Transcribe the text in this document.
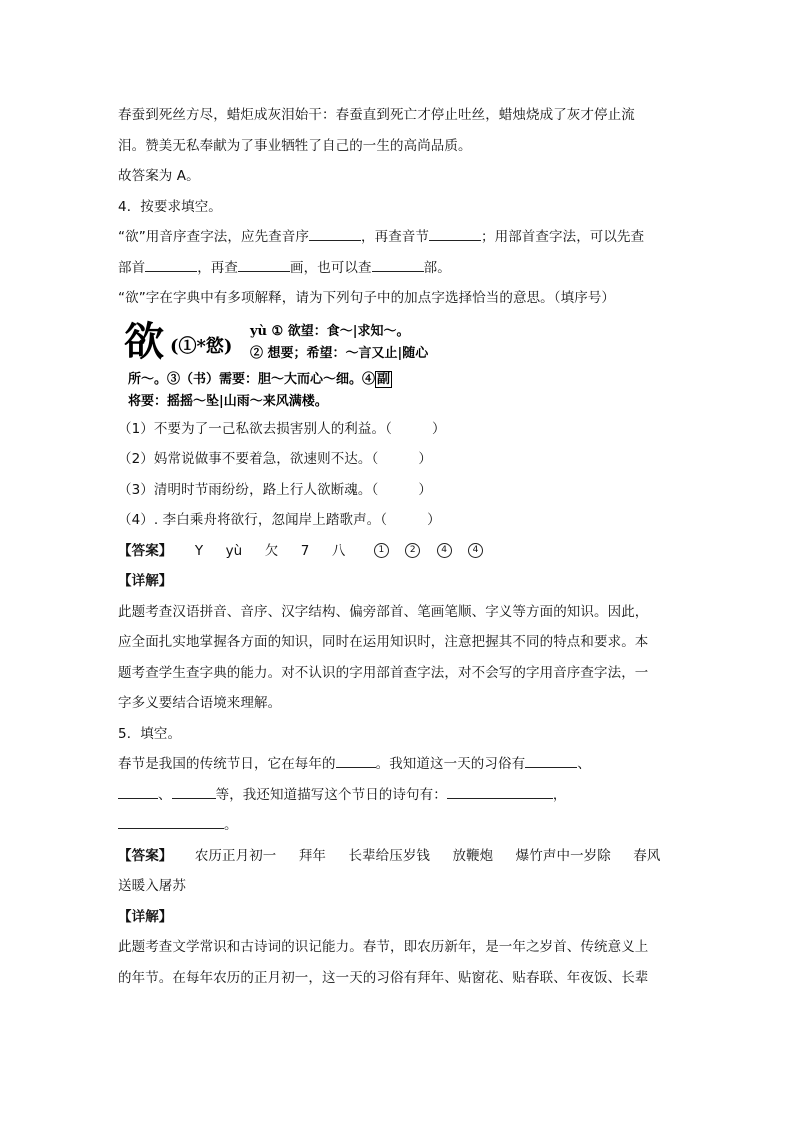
春蚕到死丝方尽，蜡炬成灰泪始干：春蚕直到死亡才停止吐丝，蜡烛烧成了灰才停止流
泪。赞美无私奉献为了事业牺牲了自己的一生的高尚品质。
故答案为 A。
4．按要求填空。
“欲”用音序查字法，应先查音序	，再查音节	；用部首查字法，可以先查
部首	，再查	画，也可以查	部。
“欲”字在字典中有多项解释，请为下列句子中的加点字选择恰当的意思。（填序号）
欲 (①*慾)
yù ① 欲望：食～|求知～。
② 想要；希望：～言又止|随心
所～。③（书）需要：胆～大而心～细。④ 副
将要：摇摇～坠|山雨～来风满楼。
（1）不要为了一己私欲去损害别人的利益。（	）
（2）妈常说做事不要着急，欲速则不达。（	）
（3）清明时节雨纷纷，路上行人欲断魂。（	）
（4）. 李白乘舟将欲行，忽闻岸上踏歌声。（	）
【答案】 Y yù 欠 7 八	1	2	4	4
【详解】
此题考查汉语拼音、音序、汉字结构、偏旁部首、笔画笔顺、字义等方面的知识。因此，
应全面扎实地掌握各方面的知识，同时在运用知识时，注意把握其不同的特点和要求。本
题考查学生查字典的能力。对不认识的字用部首查字法，对不会写的字用音序查字法，一
字多义要结合语境来理解。
5．填空。
春节是我国的传统节日，它在每年的	。我知道这一天的习俗有	、
、	等，我还知道描写这个节日的诗句有：	，
。
【答案】 农历正月初一 拜年 长辈给压岁钱 放鞭炮 爆竹声中一岁除 春风
送暖入屠苏
【详解】
此题考查文学常识和古诗词的识记能力。春节，即农历新年，是一年之岁首、传统意义上
的年节。在每年农历的正月初一，这一天的习俗有拜年、贴窗花、贴春联、年夜饭、长辈
